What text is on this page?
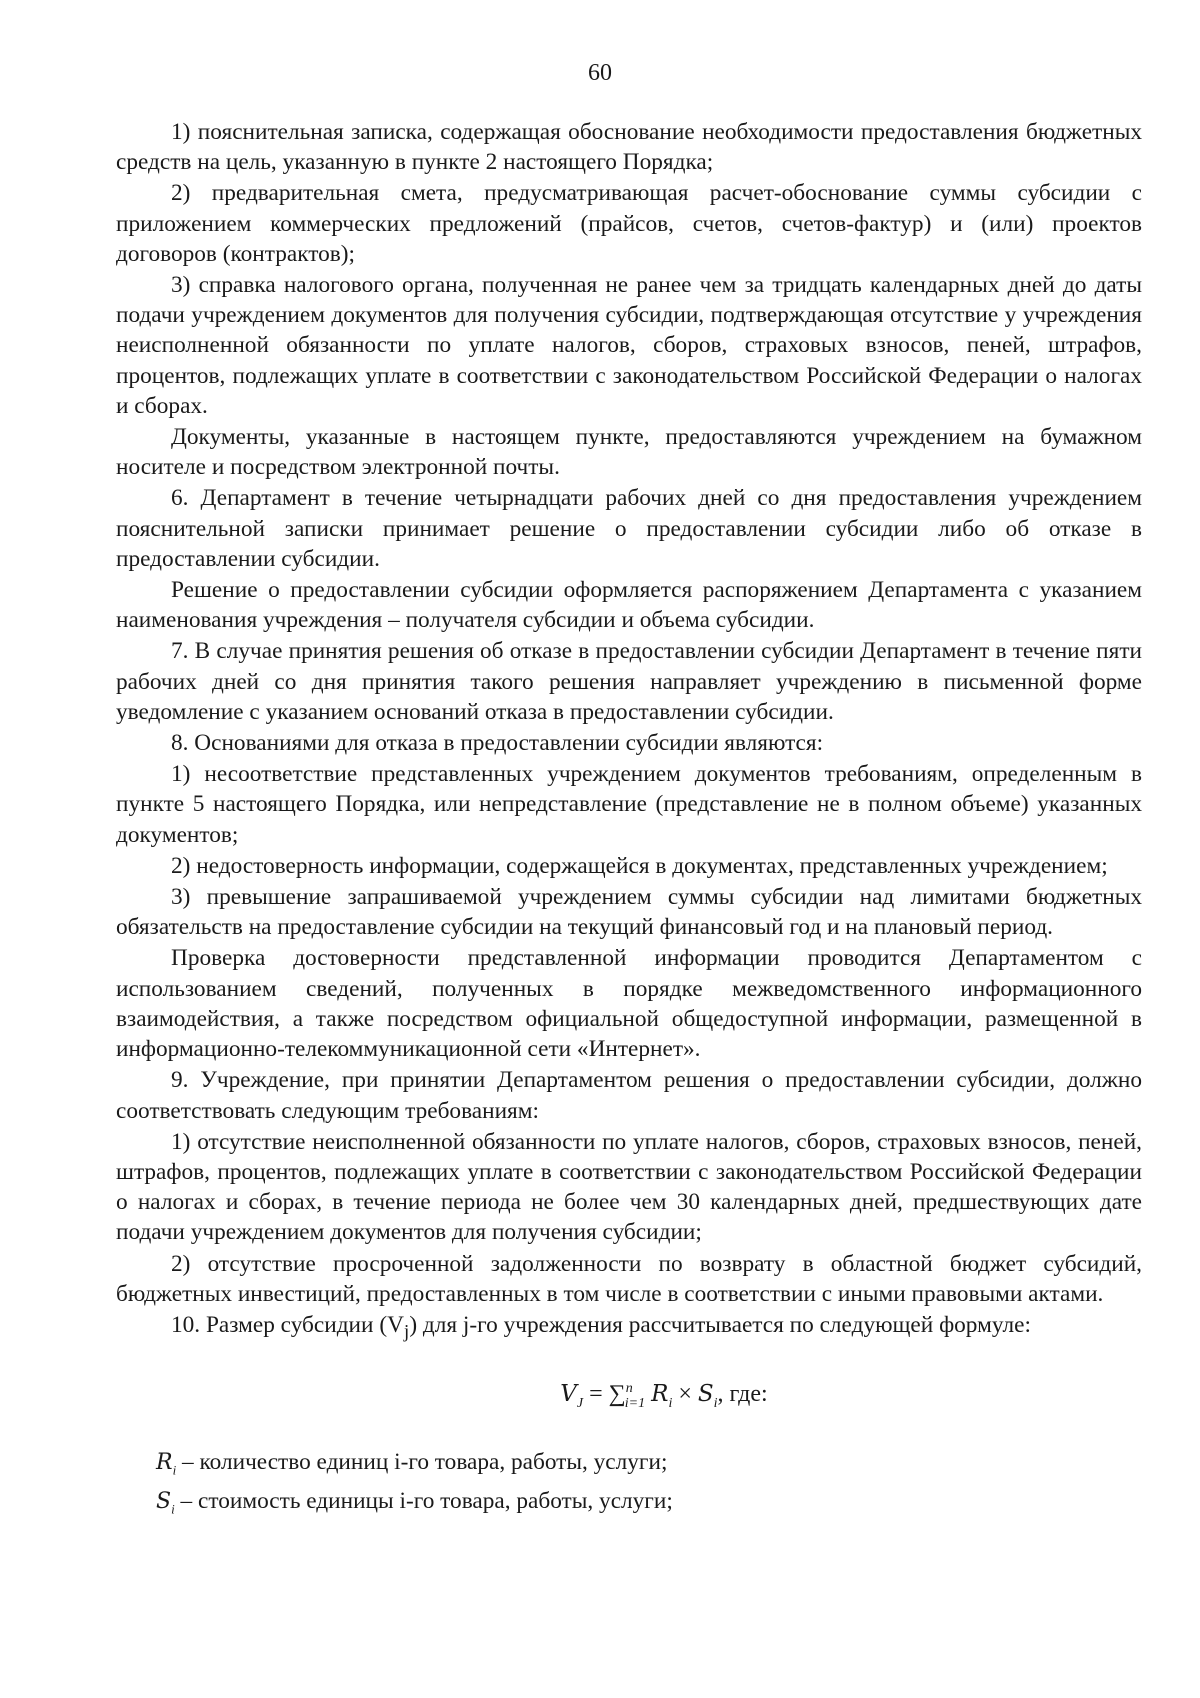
60

1) пояснительная записка, содержащая обоснование необходимости предоставления бюджетных средств на цель, указанную в пункте 2 настоящего Порядка;

2) предварительная смета, предусматривающая расчет-обоснование суммы субсидии с приложением коммерческих предложений (прайсов, счетов, счетов-фактур) и (или) проектов договоров (контрактов);

3) справка налогового органа, полученная не ранее чем за тридцать календарных дней до даты подачи учреждением документов для получения субсидии, подтверждающая отсутствие у учреждения неисполненной обязанности по уплате налогов, сборов, страховых взносов, пеней, штрафов, процентов, подлежащих уплате в соответствии с законодательством Российской Федерации о налогах и сборах.

Документы, указанные в настоящем пункте, предоставляются учреждением на бумажном носителе и посредством электронной почты.

6. Департамент в течение четырнадцати рабочих дней со дня предоставления учреждением пояснительной записки принимает решение о предоставлении субсидии либо об отказе в предоставлении субсидии.

Решение о предоставлении субсидии оформляется распоряжением Департамента с указанием наименования учреждения – получателя субсидии и объема субсидии.

7. В случае принятия решения об отказе в предоставлении субсидии Департамент в течение пяти рабочих дней со дня принятия такого решения направляет учреждению в письменной форме уведомление с указанием оснований отказа в предоставлении субсидии.

8. Основаниями для отказа в предоставлении субсидии являются:

1) несоответствие представленных учреждением документов требованиям, определенным в пункте 5 настоящего Порядка, или непредставление (представление не в полном объеме) указанных документов;

2) недостоверность информации, содержащейся в документах, представленных учреждением;

3) превышение запрашиваемой учреждением суммы субсидии над лимитами бюджетных обязательств на предоставление субсидии на текущий финансовый год и на плановый период.

Проверка достоверности представленной информации проводится Департаментом с использованием сведений, полученных в порядке межведомственного информационного взаимодействия, а также посредством официальной общедоступной информации, размещенной в информационно-телекоммуникационной сети «Интернет».

9. Учреждение, при принятии Департаментом решения о предоставлении субсидии, должно соответствовать следующим требованиям:

1) отсутствие неисполненной обязанности по уплате налогов, сборов, страховых взносов, пеней, штрафов, процентов, подлежащих уплате в соответствии с законодательством Российской Федерации о налогах и сборах, в течение периода не более чем 30 календарных дней, предшествующих дате подачи учреждением документов для получения субсидии;

2) отсутствие просроченной задолженности по возврату в областной бюджет субсидий, бюджетных инвестиций, предоставленных в том числе в соответствии с иными правовыми актами.

10. Размер субсидии $(V_j)$ для j-го учреждения рассчитывается по следующей формуле:

$V_J = \sum^n_{i=1}$ $R_i \times S_i$, где:
$R_i$ – количество единиц i-го товара, работы, услуги;
$S_i$ – стоимость единицы i-го товара, работы, услуги;
